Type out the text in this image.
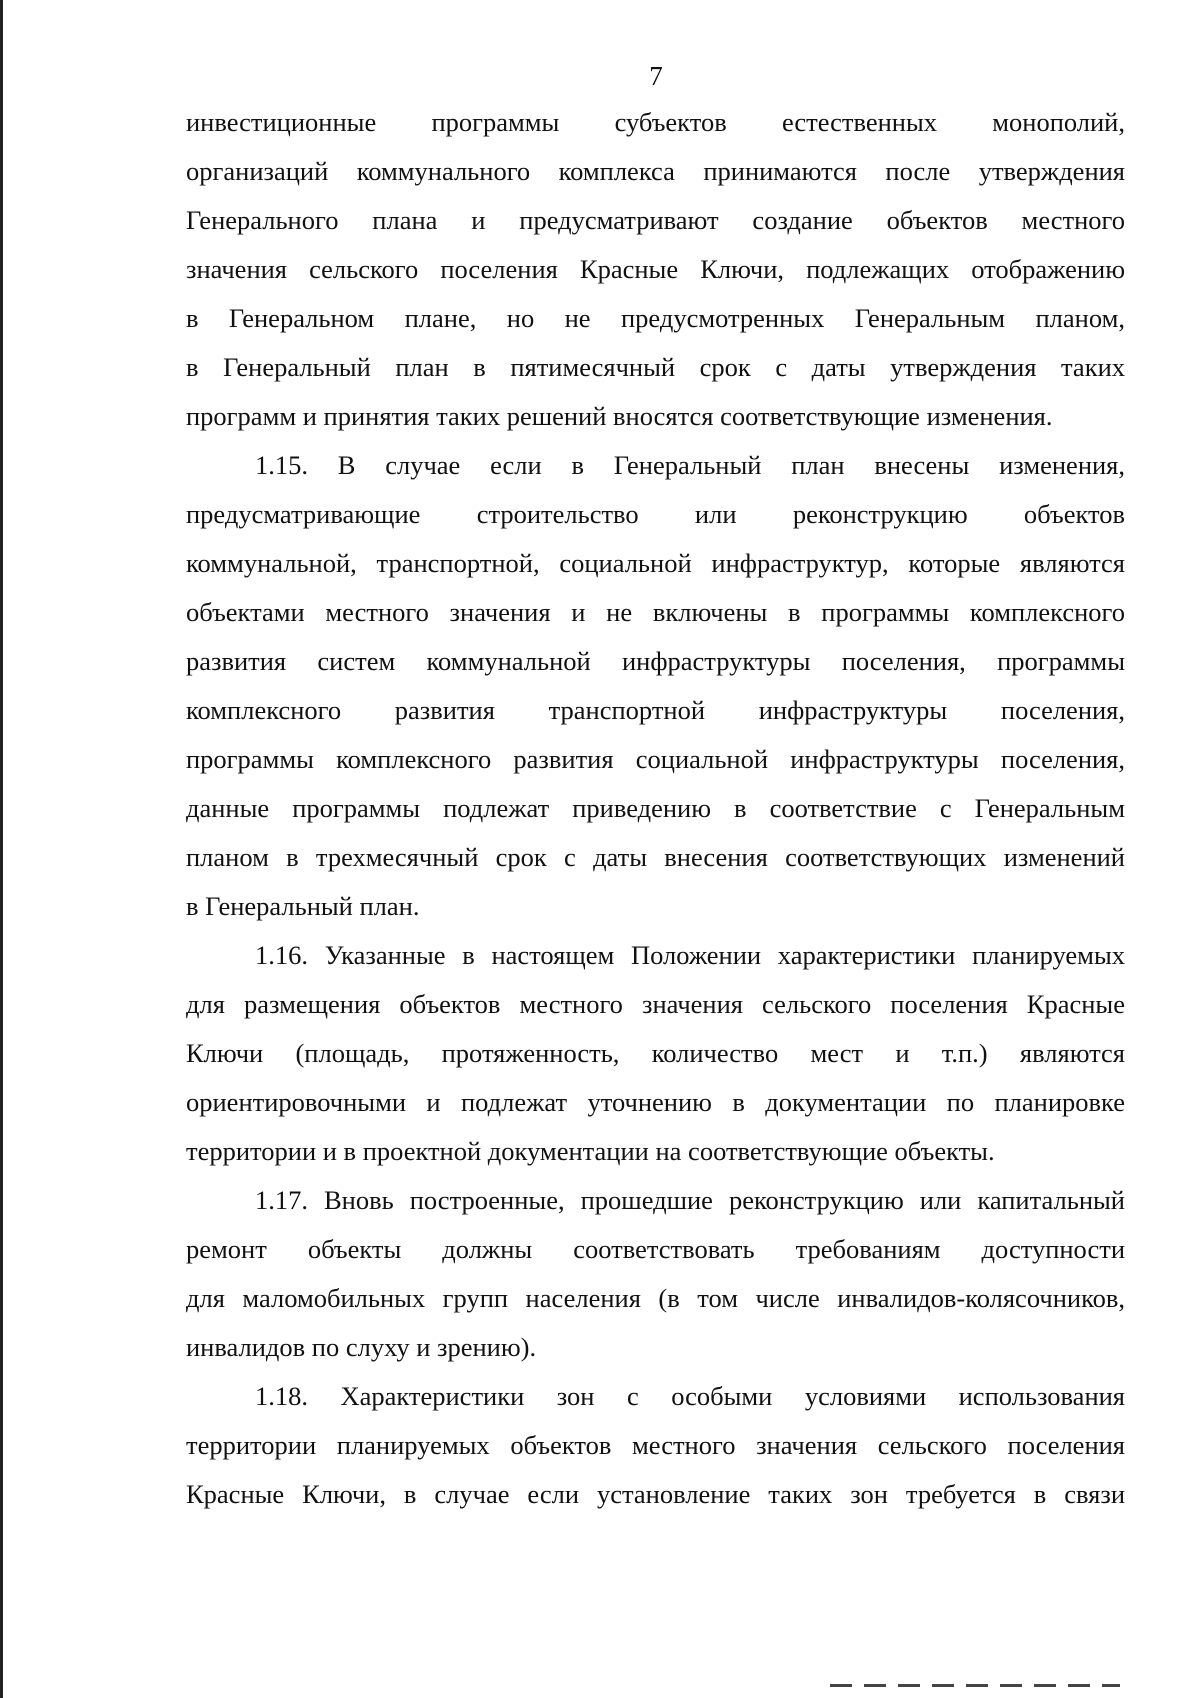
7
инвестиционные программы субъектов естественных монополий,
организаций коммунального комплекса принимаются после утверждения
Генерального плана и предусматривают создание объектов местного
значения сельского поселения Красные Ключи, подлежащих отображению
в Генеральном плане, но не предусмотренных Генеральным планом,
в Генеральный план в пятимесячный срок с даты утверждения таких
программ и принятия таких решений вносятся соответствующие изменения.
1.15. В случае если в Генеральный план внесены изменения,
предусматривающие строительство или реконструкцию объектов
коммунальной, транспортной, социальной инфраструктур, которые являются
объектами местного значения и не включены в программы комплексного
развития систем коммунальной инфраструктуры поселения, программы
комплексного развития транспортной инфраструктуры поселения,
программы комплексного развития социальной инфраструктуры поселения,
данные программы подлежат приведению в соответствие с Генеральным
планом в трехмесячный срок с даты внесения соответствующих изменений
в Генеральный план.
1.16. Указанные в настоящем Положении характеристики планируемых
для размещения объектов местного значения сельского поселения Красные
Ключи (площадь, протяженность, количество мест и т.п.) являются
ориентировочными и подлежат уточнению в документации по планировке
территории и в проектной документации на соответствующие объекты.
1.17. Вновь построенные, прошедшие реконструкцию или капитальный
ремонт объекты должны соответствовать требованиям доступности
для маломобильных групп населения (в том числе инвалидов-колясочников,
инвалидов по слуху и зрению).
1.18. Характеристики зон с особыми условиями использования
территории планируемых объектов местного значения сельского поселения
Красные Ключи, в случае если установление таких зон требуется в связи
